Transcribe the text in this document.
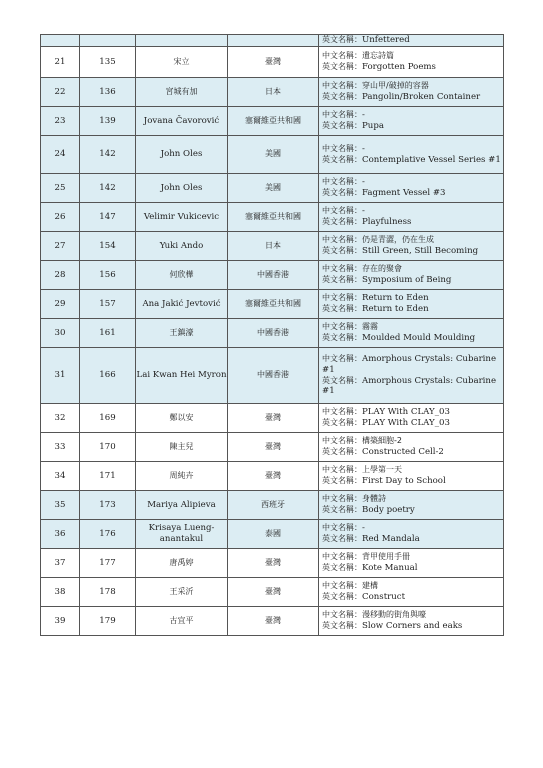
				英文名稱：Unfettered

21	135	宋立	臺灣	中文名稱：遺忘詩篇
英文名稱：Forgotten Poems

22	136	宮城有加	日本	中文名稱：穿山甲/破掉的容器
英文名稱：Pangolin/Broken Container

23	139	Jovana Čavorović	塞爾維亞共和國	中文名稱：-
英文名稱：Pupa

24	142	John Oles	美國	中文名稱：-
英文名稱：Contemplative Vessel Series #1

25	142	John Oles	美國	中文名稱：-
英文名稱：Fagment Vessel #3

26	147	Velimir Vukicevic	塞爾維亞共和國	中文名稱：-
英文名稱：Playfulness

27	154	Yuki Ando	日本	中文名稱：仍是青澀，仍在生成
英文名稱：Still Green, Still Becoming

28	156	何欣樺	中國香港	中文名稱：存在的聚會
英文名稱：Symposium of Being

29	157	Ana Jakić Jevtović	塞爾維亞共和國	中文名稱：Return to Eden
英文名稱：Return to Eden

30	161	王鎮濠	中國香港	中文名稱：霧霧
英文名稱：Moulded Mould Moulding

31	166	Lai Kwan Hei Myron	中國香港	中文名稱：Amorphous Crystals: Cubarine #1
英文名稱：Amorphous Crystals: Cubarine #1

32	169	鄭以安	臺灣	中文名稱：PLAY With CLAY_03
英文名稱：PLAY With CLAY_03

33	170	陳主兒	臺灣	中文名稱：構築細胞-2
英文名稱：Constructed Cell-2

34	171	周純卉	臺灣	中文名稱：上學第一天
英文名稱：First Day to School

35	173	Mariya Alipieva	西班牙	中文名稱：身體詩
英文名稱：Body poetry

36	176	Krisaya Luenganantakul	泰國	中文名稱：-
英文名稱：Red Mandala

37	177	唐禹婷	臺灣	中文名稱：背甲使用手冊
英文名稱：Kote Manual

38	178	王采沂	臺灣	中文名稱：建構
英文名稱：Construct

39	179	古宜平	臺灣	中文名稱：漫移動的街角與嚎
英文名稱：Slow Corners and eaks
